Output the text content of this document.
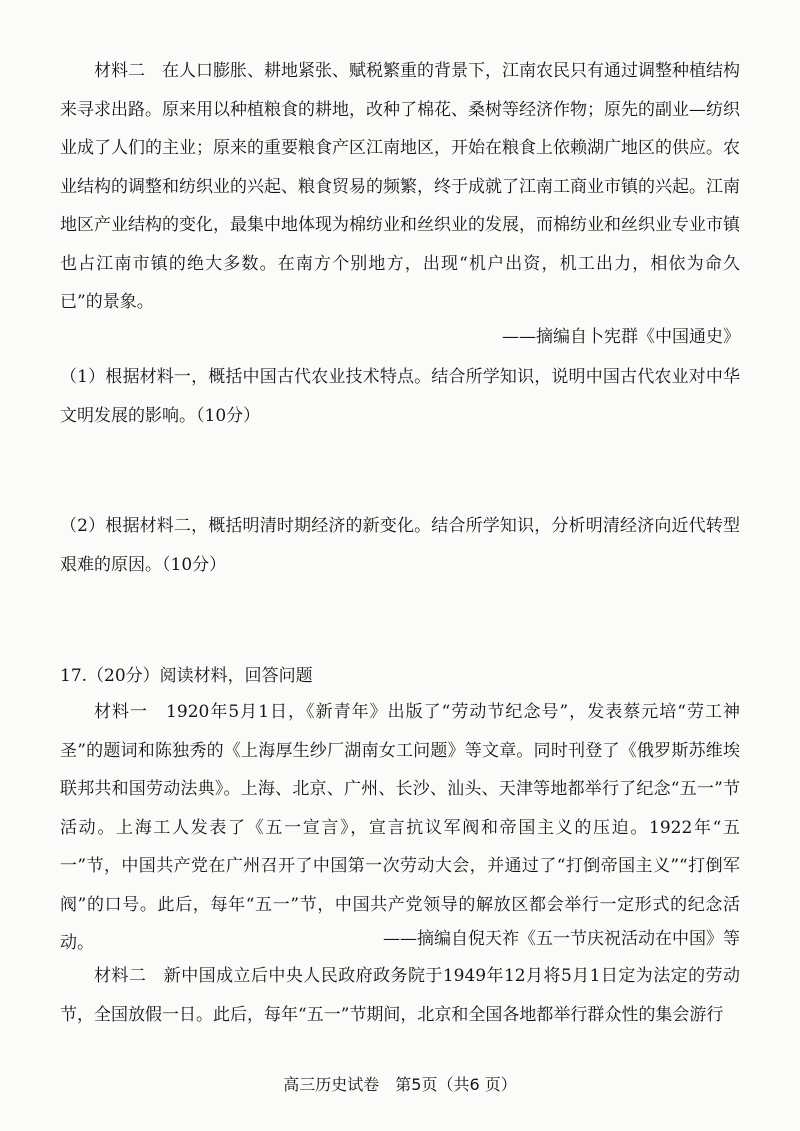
材料二　在人口膨胀、耕地紧张、赋税繁重的背景下，江南农民只有通过调整种植结构来寻求出路。原来用以种植粮食的耕地，改种了棉花、桑树等经济作物；原先的副业—纺织业成了人们的主业；原来的重要粮食产区江南地区，开始在粮食上依赖湖广地区的供应。农业结构的调整和纺织业的兴起、粮食贸易的频繁，终于成就了江南工商业市镇的兴起。江南地区产业结构的变化，最集中地体现为棉纺业和丝织业的发展，而棉纺业和丝织业专业市镇也占江南市镇的绝大多数。在南方个别地方，出现“机户出资，机工出力，相依为命久已”的景象。

——摘编自卜宪群《中国通史》

（1）根据材料一，概括中国古代农业技术特点。结合所学知识，说明中国古代农业对中华文明发展的影响。（10分）

（2）根据材料二，概括明清时期经济的新变化。结合所学知识，分析明清经济向近代转型艰难的原因。（10分）

17.（20分）阅读材料，回答问题

材料一　1920年5月1日，《新青年》出版了“劳动节纪念号”，发表蔡元培“劳工神圣”的题词和陈独秀的《上海厚生纱厂湖南女工问题》等文章。同时刊登了《俄罗斯苏维埃联邦共和国劳动法典》。上海、北京、广州、长沙、汕头、天津等地都举行了纪念“五一”节活动。上海工人发表了《五一宣言》，宣言抗议军阀和帝国主义的压迫。1922年“五一”节，中国共产党在广州召开了中国第一次劳动大会，并通过了“打倒帝国主义”“打倒军阀”的口号。此后，每年“五一”节，中国共产党领导的解放区都会举行一定形式的纪念活动。	——摘编自倪天祚《五一节庆祝活动在中国》等

材料二　新中国成立后中央人民政府政务院于1949年12月将5月1日定为法定的劳动节，全国放假一日。此后，每年“五一”节期间，北京和全国各地都举行群众性的集会游行

高三历史试卷　第5页（共6 页）
